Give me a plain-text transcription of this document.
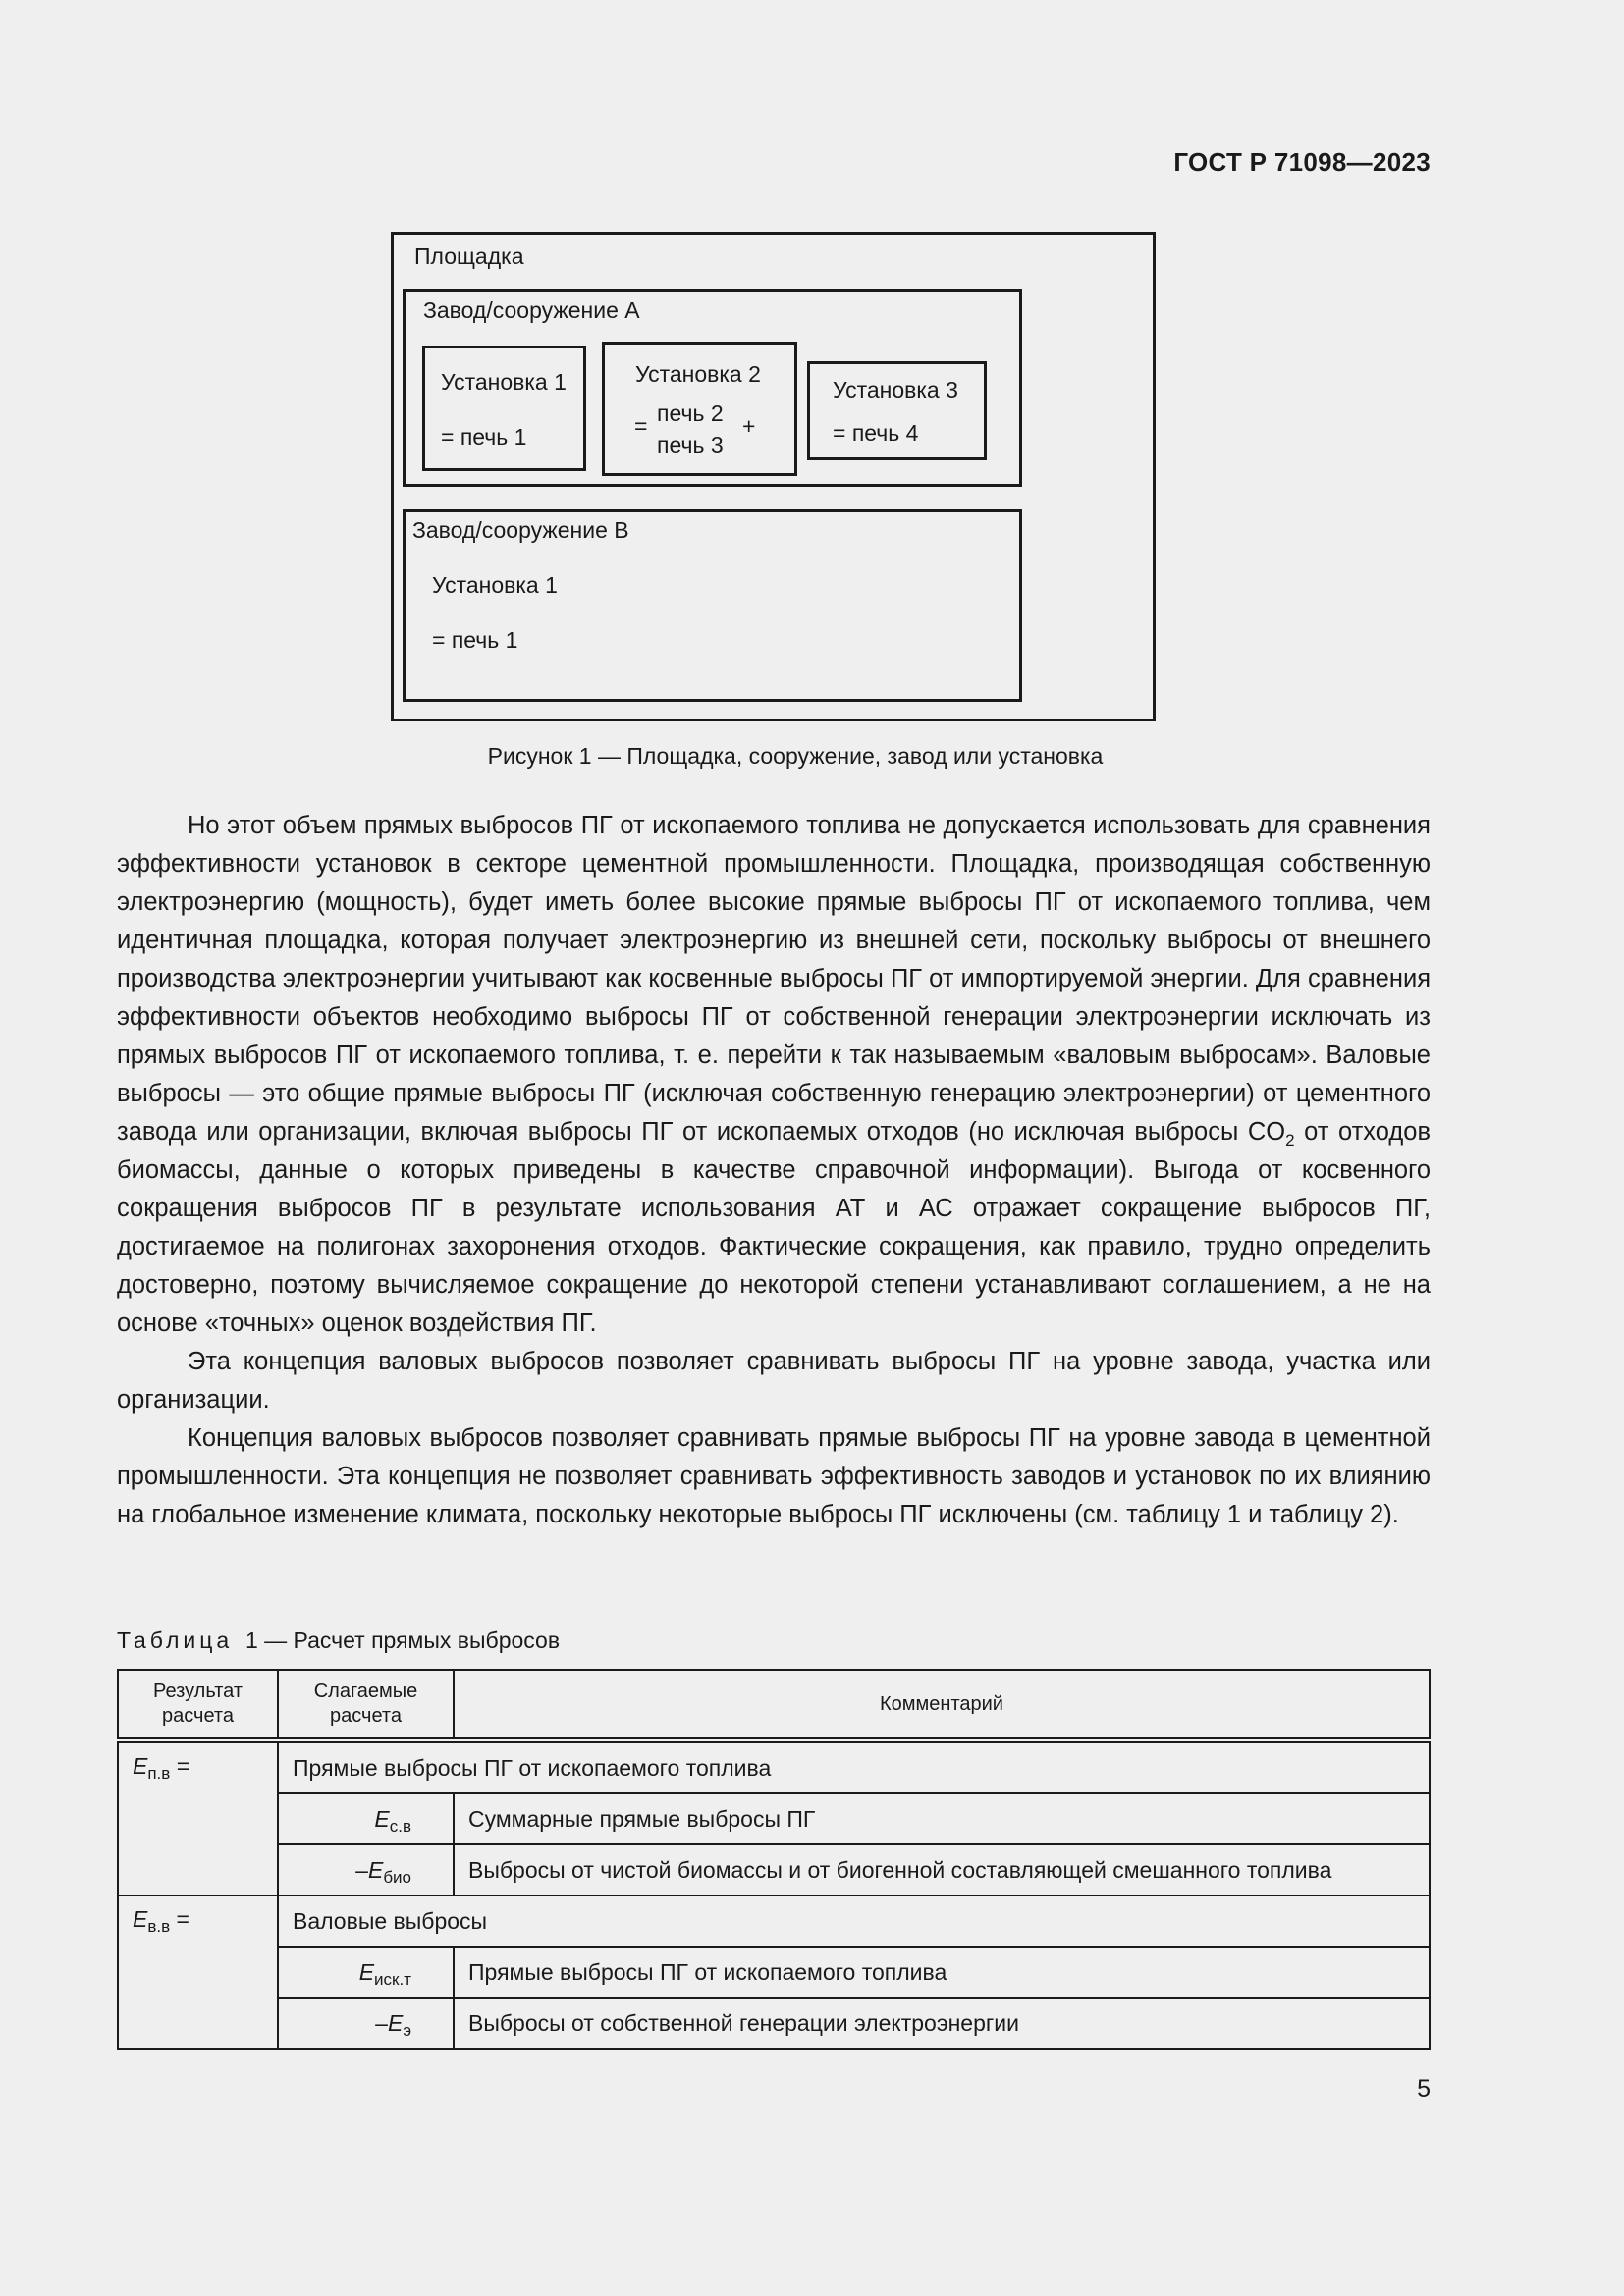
ГОСТ Р 71098—2023
Площадка
Завод/сооружение А
Установка 1
= печь 1
Установка 2
= печь 2
печь 3
+
Установка 3
= печь 4
Завод/сооружение В
Установка 1
= печь 1
Рисунок 1 — Площадка, сооружение, завод или установка

Но этот объем прямых выбросов ПГ от ископаемого топлива не допускается использовать для сравнения эффективности установок в секторе цементной промышленности. Площадка, производящая собственную электроэнергию (мощность), будет иметь более высокие прямые выбросы ПГ от ископаемого топлива, чем идентичная площадка, которая получает электроэнергию из внешней сети, поскольку выбросы от внешнего производства электроэнергии учитывают как косвенные выбросы ПГ от импортируемой энергии. Для сравнения эффективности объектов необходимо выбросы ПГ от собственной генерации электроэнергии исключать из прямых выбросов ПГ от ископаемого топлива, т. е. перейти к так называемым «валовым выбросам». Валовые выбросы — это общие прямые выбросы ПГ (исключая собственную генерацию электроэнергии) от цементного завода или организации, включая выбросы ПГ от ископаемых отходов (но исключая выбросы $CO_2$ от отходов биомассы, данные о которых приведены в качестве справочной информации). Выгода от косвенного сокращения выбросов ПГ в результате использования АТ и АС отражает сокращение выбросов ПГ, достигаемое на полигонах захоронения отходов. Фактические сокращения, как правило, трудно определить достоверно, поэтому вычисляемое сокращение до некоторой степени устанавливают соглашением, а не на основе «точных» оценок воздействия ПГ.

Эта концепция валовых выбросов позволяет сравнивать выбросы ПГ на уровне завода, участка или организации.

Концепция валовых выбросов позволяет сравнивать прямые выбросы ПГ на уровне завода в цементной промышленности. Эта концепция не позволяет сравнивать эффективность заводов и установок по их влиянию на глобальное изменение климата, поскольку некоторые выбросы ПГ исключены (см. таблицу 1 и таблицу 2).

Таблица 1 — Расчет прямых выбросов
Результат расчета	Слагаемые расчета	Комментарий
$E_{п.в}$ =	Прямые выбросы ПГ от ископаемого топлива	
	$E_{с.в}$	Суммарные прямые выбросы ПГ
	$-E_{био}$	Выбросы от чистой биомассы и от биогенной составляющей смешанного топлива
$E_{в.в}$ =	Валовые выбросы	
	$E_{иск.т}$	Прямые выбросы ПГ от ископаемого топлива
	$-E_э$	Выбросы от собственной генерации электроэнергии
5
